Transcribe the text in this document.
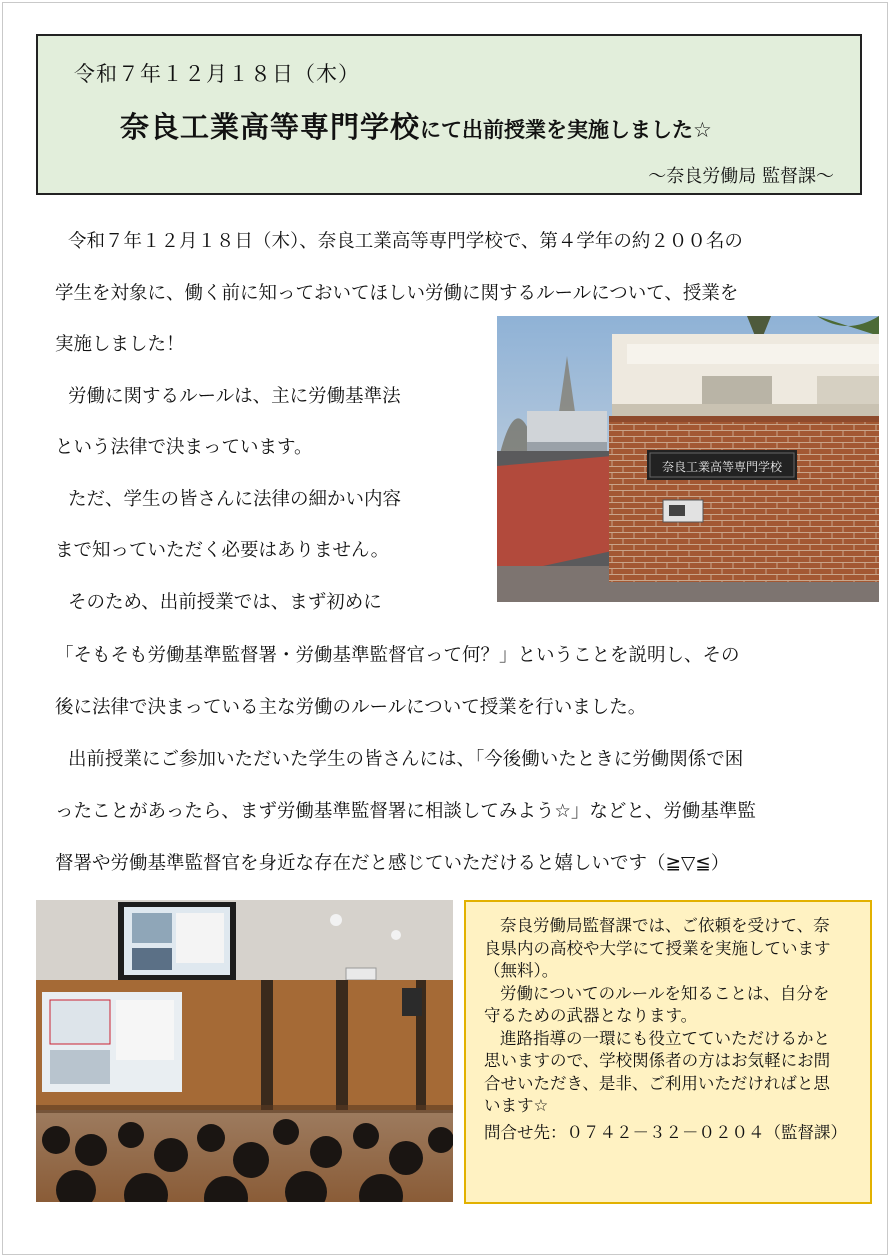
令和７年１２月１８日（木）
奈良工業高等専門学校にて出前授業を実施しました☆
～奈良労働局 監督課～

令和７年１２月１８日（木）、奈良工業高等専門学校で、第４学年の約２００名の

学生を対象に、働く前に知っておいてほしい労働に関するルールについて、授業を

実施しました！

労働に関するルールは、主に労働基準法

という法律で決まっています。

ただ、学生の皆さんに法律の細かい内容

まで知っていただく必要はありません。

そのため、出前授業では、まず初めに

「そもそも労働基準監督署・労働基準監督官って何？」ということを説明し、その

後に法律で決まっている主な労働のルールについて授業を行いました。

出前授業にご参加いただいた学生の皆さんには、「今後働いたときに労働関係で困

ったことがあったら、まず労働基準監督署に相談してみよう☆」などと、労働基準監

督署や労働基準監督官を身近な存在だと感じていただけると嬉しいです（≧▽≦）

奈良工業高等専門学校

奈良労働局監督課では、ご依頼を受けて、奈

良県内の高校や大学にて授業を実施しています

（無料）。

労働についてのルールを知ることは、自分を

守るための武器となります。

進路指導の一環にも役立てていただけるかと

思いますので、学校関係者の方はお気軽にお問

合せいただき、是非、ご利用いただければと思

います☆

問合せ先：０７４２－３２－０２０４（監督課）
